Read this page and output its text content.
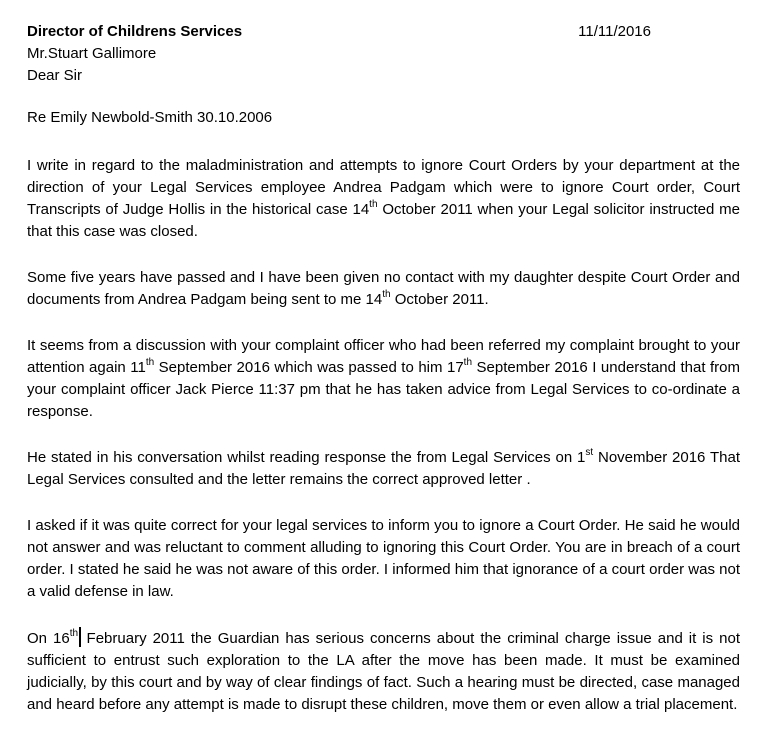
Director of Childrens Services	11/11/2016
Mr.Stuart Gallimore
Dear Sir
Re Emily Newbold-Smith 30.10.2006

I write in regard to the maladministration and attempts to ignore Court Orders by your department at the direction of your Legal Services employee Andrea Padgam which were to ignore Court order, Court Transcripts of Judge Hollis in the historical case 14th October 2011 when your Legal solicitor instructed me that this case was closed.

Some five years have passed and I have been given no contact with my daughter despite Court Order and documents from Andrea Padgam being sent to me 14th October 2011.

It seems from a discussion with your complaint officer who had been referred my complaint brought to your attention again 11th September 2016 which was passed to him 17th September 2016 I understand that from your complaint officer Jack Pierce 11:37 pm that he has taken advice from Legal Services to co-ordinate a response.

He stated in his conversation whilst reading response the from Legal Services on 1st November 2016 That Legal Services consulted and the letter remains the correct approved letter .

I asked if it was quite correct for your legal services to inform you to ignore a Court Order. He said he would not answer and was reluctant to comment alluding to ignoring this Court Order. You are in breach of a court order. I stated he said he was not aware of this order. I informed him that ignorance of a court order was not a valid defense in law.

On 16th February 2011 the Guardian has serious concerns about the criminal charge issue and it is not sufficient to entrust such exploration to the LA after the move has been made. It must be examined judicially, by this court and by way of clear findings of fact. Such a hearing must be directed, case managed and heard before any attempt is made to disrupt these children, move them or even allow a trial placement.
